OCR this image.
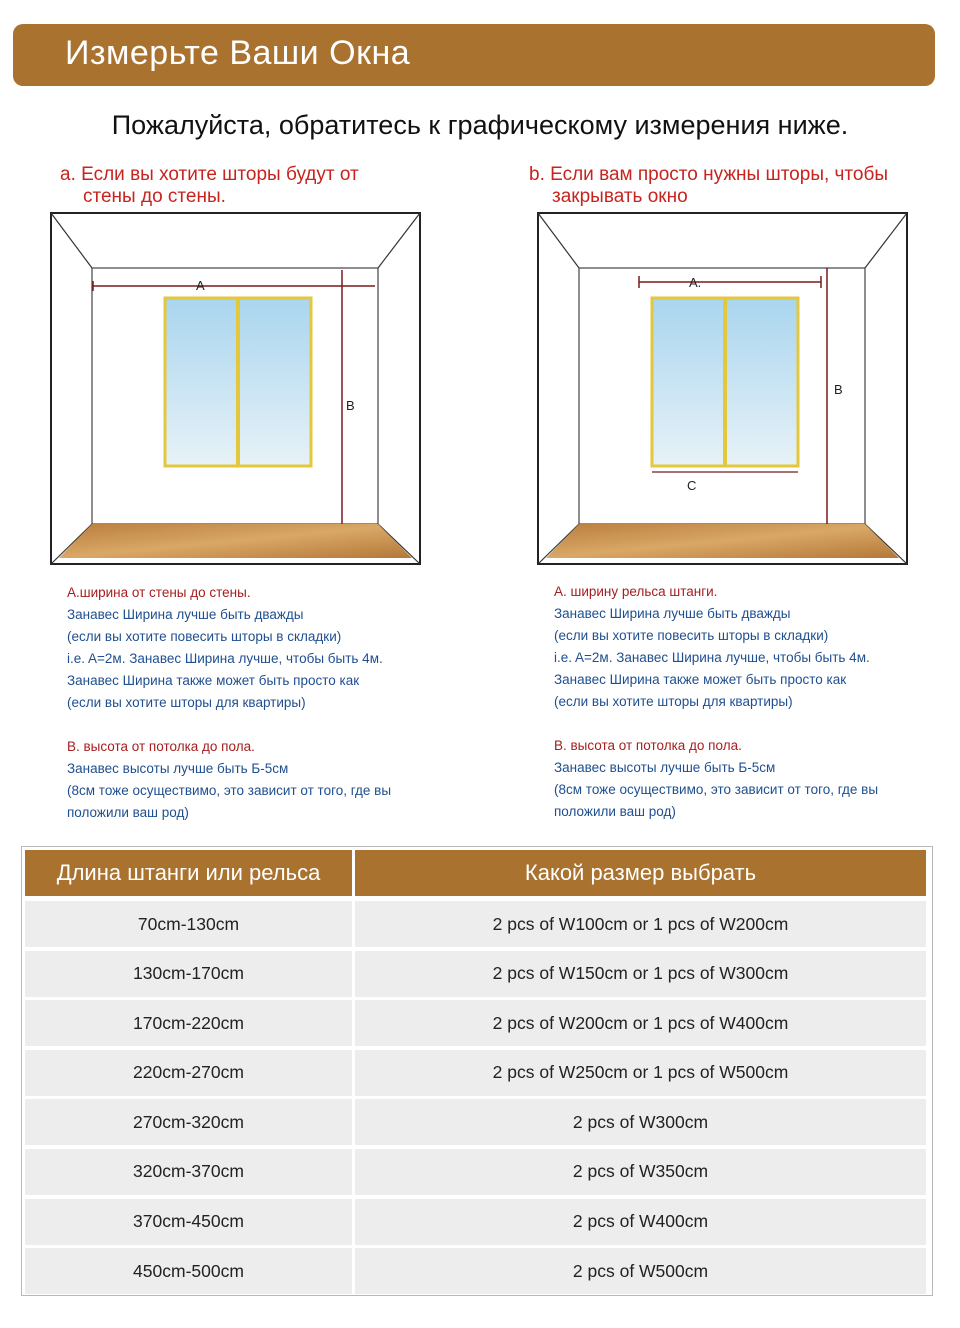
Измерьте Ваши Окна
Пожалуйста, обратитесь к графическому измерения ниже.
a. Если вы хотите шторы будут от
стены до стены.
b. Если вам просто нужны шторы, чтобы
закрывать окно
A
B
A.
B
C
A.ширина от стены до стены.
Занавес Ширина лучше быть дважды
(если вы хотите повесить шторы в складки)
i.e. A=2м. Занавес Ширина лучше, чтобы быть 4м.
Занавес Ширина также может быть просто как
(если вы хотите шторы для квартиры)
B. высота от потолка до пола.
Занавес высоты лучше быть Б-5см
(8см тоже осуществимо, это зависит от того, где вы
положили ваш род)
A. ширину рельса штанги.
Занавес Ширина лучше быть дважды
(если вы хотите повесить шторы в складки)
i.e. A=2м. Занавес Ширина лучше, чтобы быть 4м.
Занавес Ширина также может быть просто как
(если вы хотите шторы для квартиры)
B. высота от потолка до пола.
Занавес высоты лучше быть Б-5см
(8см тоже осуществимо, это зависит от того, где вы
положили ваш род)
Длина штанги или рельса	Какой размер выбрать
70cm-130cm	2 pcs of W100cm or 1 pcs of W200cm
130cm-170cm	2 pcs of W150cm or 1 pcs of W300cm
170cm-220cm	2 pcs of W200cm or 1 pcs of W400cm
220cm-270cm	2 pcs of W250cm or 1 pcs of W500cm
270cm-320cm	2 pcs of W300cm
320cm-370cm	2 pcs of W350cm
370cm-450cm	2 pcs of W400cm
450cm-500cm	2 pcs of W500cm
